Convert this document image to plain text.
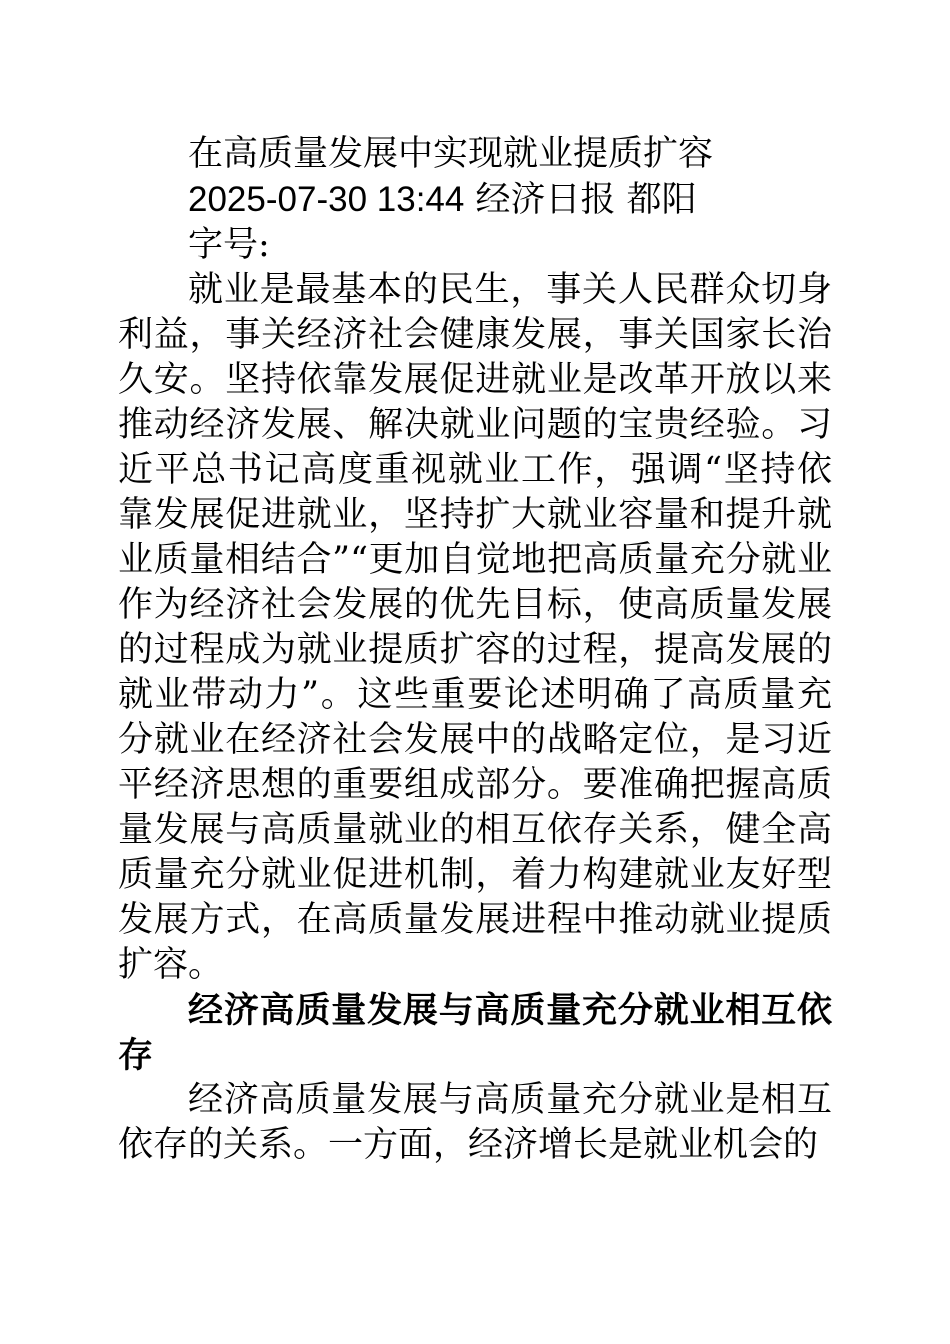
在高质量发展中实现就业提质扩容

2025-07-30 13:44 经济日报 都阳

字号:

就业是最基本的民生，事关人民群众切身利益，事关经济社会健康发展，事关国家长治久安。坚持依靠发展促进就业是改革开放以来推动经济发展、解决就业问题的宝贵经验。习近平总书记高度重视就业工作，强调“坚持依靠发展促进就业，坚持扩大就业容量和提升就业质量相结合”“更加自觉地把高质量充分就业作为经济社会发展的优先目标，使高质量发展的过程成为就业提质扩容的过程，提高发展的就业带动力”。这些重要论述明确了高质量充分就业在经济社会发展中的战略定位，是习近平经济思想的重要组成部分。要准确把握高质量发展与高质量就业的相互依存关系，健全高质量充分就业促进机制，着力构建就业友好型发展方式，在高质量发展进程中推动就业提质扩容。

经济高质量发展与高质量充分就业相互依存

经济高质量发展与高质量充分就业是相互依存的关系。一方面，经济增长是就业机会的
